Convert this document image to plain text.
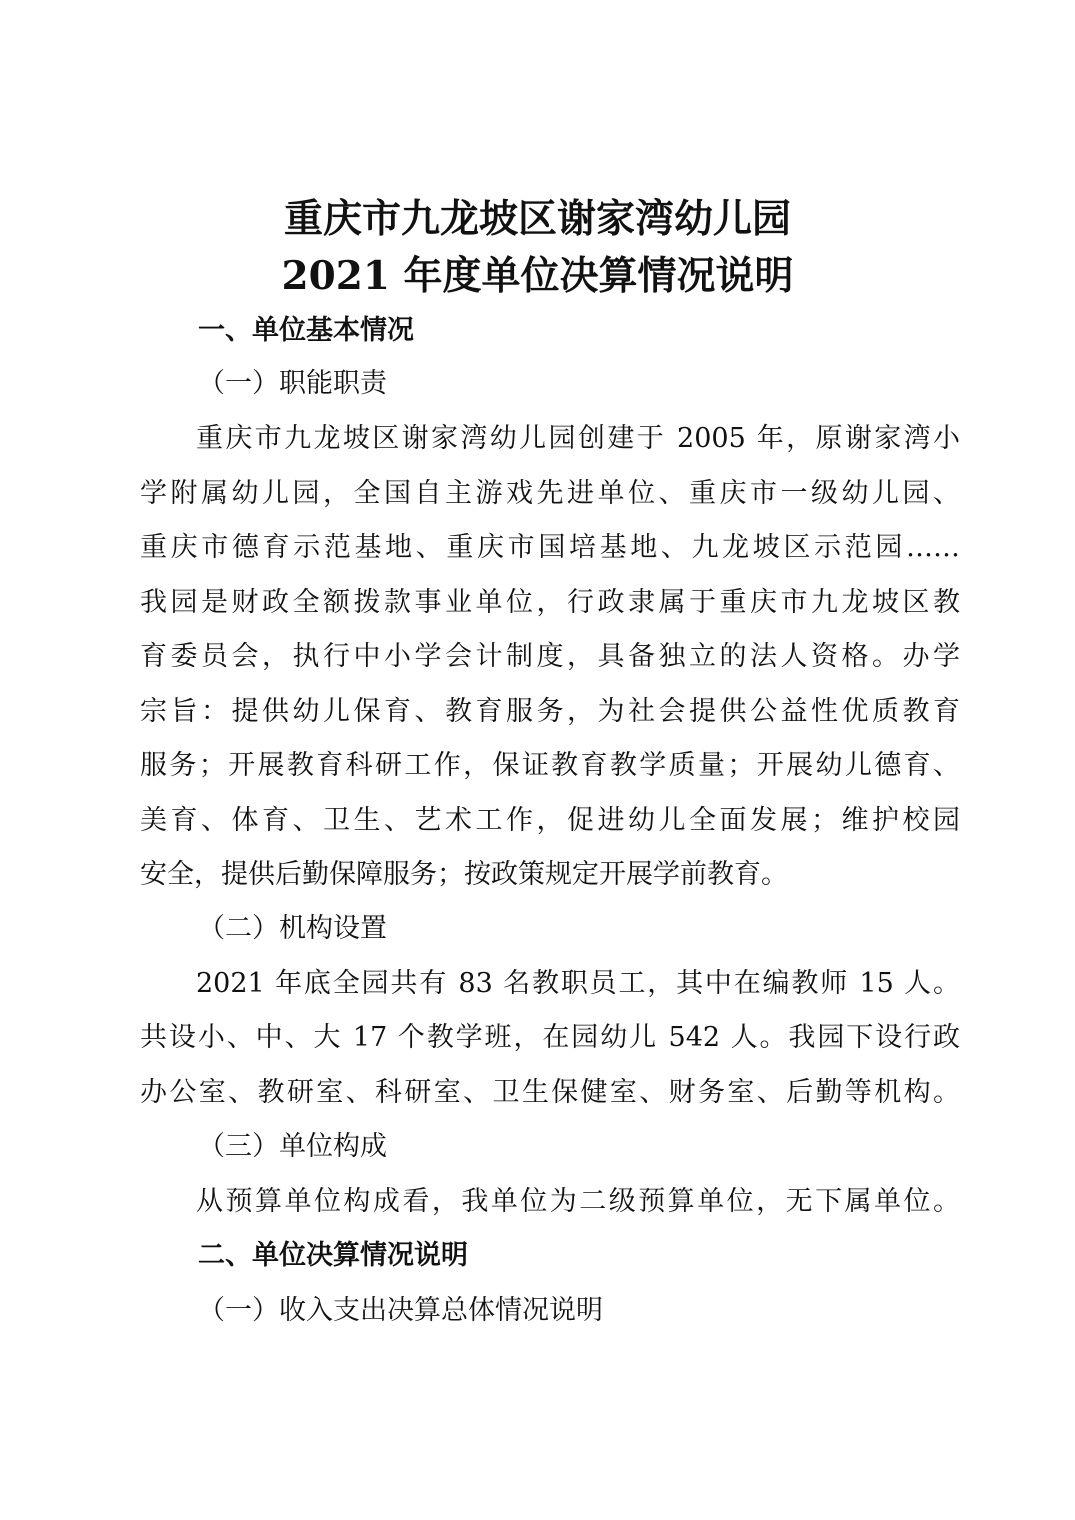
重庆市九龙坡区谢家湾幼儿园
2021 年度单位决算情况说明
一、单位基本情况
（一）职能职责
重庆市九龙坡区谢家湾幼儿园创建于 2005 年，原谢家湾小
学附属幼儿园，全国自主游戏先进单位、重庆市一级幼儿园、
重庆市德育示范基地、重庆市国培基地、九龙坡区示范园……
我园是财政全额拨款事业单位，行政隶属于重庆市九龙坡区教
育委员会，执行中小学会计制度，具备独立的法人资格。办学
宗旨：提供幼儿保育、教育服务，为社会提供公益性优质教育
服务；开展教育科研工作，保证教育教学质量；开展幼儿德育、
美育、体育、卫生、艺术工作，促进幼儿全面发展；维护校园
安全，提供后勤保障服务；按政策规定开展学前教育。
（二）机构设置
2021 年底全园共有 83 名教职员工，其中在编教师 15 人。
共设小、中、大 17 个教学班，在园幼儿 542 人。我园下设行政
办公室、教研室、科研室、卫生保健室、财务室、后勤等机构。
（三）单位构成
从预算单位构成看，我单位为二级预算单位，无下属单位。
二、单位决算情况说明
（一）收入支出决算总体情况说明
